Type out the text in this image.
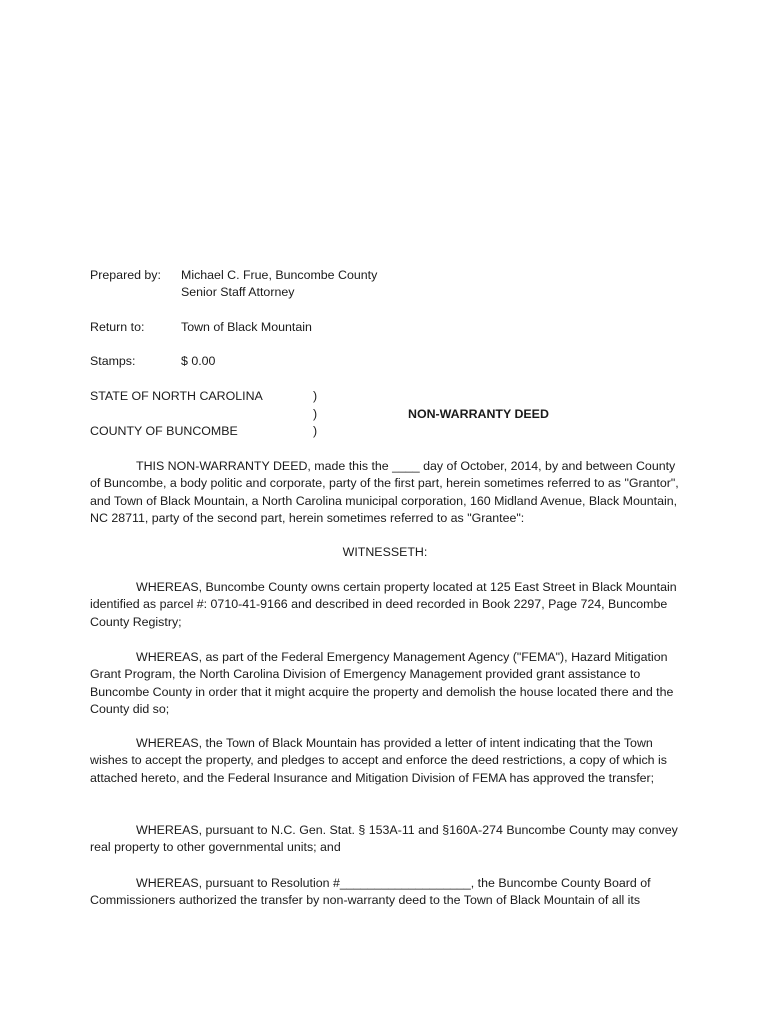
Prepared by: Michael C. Frue, Buncombe County
Senior Staff Attorney
Return to:	Town of Black Mountain
Stamps:	$ 0.00
STATE OF NORTH CAROLINA
COUNTY OF BUNCOMBE
)
)
)
NON-WARRANTY DEED

THIS NON-WARRANTY DEED, made this the ____ day of October, 2014, by and between County of Buncombe, a body politic and corporate, party of the first part, herein sometimes referred to as "Grantor", and Town of Black Mountain, a North Carolina municipal corporation, 160 Midland Avenue, Black Mountain, NC 28711, party of the second part, herein sometimes referred to as "Grantee":

WITNESSETH:

WHEREAS, Buncombe County owns certain property located at 125 East Street in Black Mountain identified as parcel #: 0710-41-9166 and described in deed recorded in Book 2297, Page 724, Buncombe County Registry;

WHEREAS, as part of the Federal Emergency Management Agency ("FEMA"), Hazard Mitigation Grant Program, the North Carolina Division of Emergency Management provided grant assistance to Buncombe County in order that it might acquire the property and demolish the house located there and the County did so;

WHEREAS, the Town of Black Mountain has provided a letter of intent indicating that the Town wishes to accept the property, and pledges to accept and enforce the deed restrictions, a copy of which is attached hereto, and the Federal Insurance and Mitigation Division of FEMA has approved the transfer;

WHEREAS, pursuant to N.C. Gen. Stat. § 153A-11 and §160A-274 Buncombe County may convey real property to other governmental units; and

WHEREAS, pursuant to Resolution #___________________, the Buncombe County Board of Commissioners authorized the transfer by non-warranty deed to the Town of Black Mountain of all its
